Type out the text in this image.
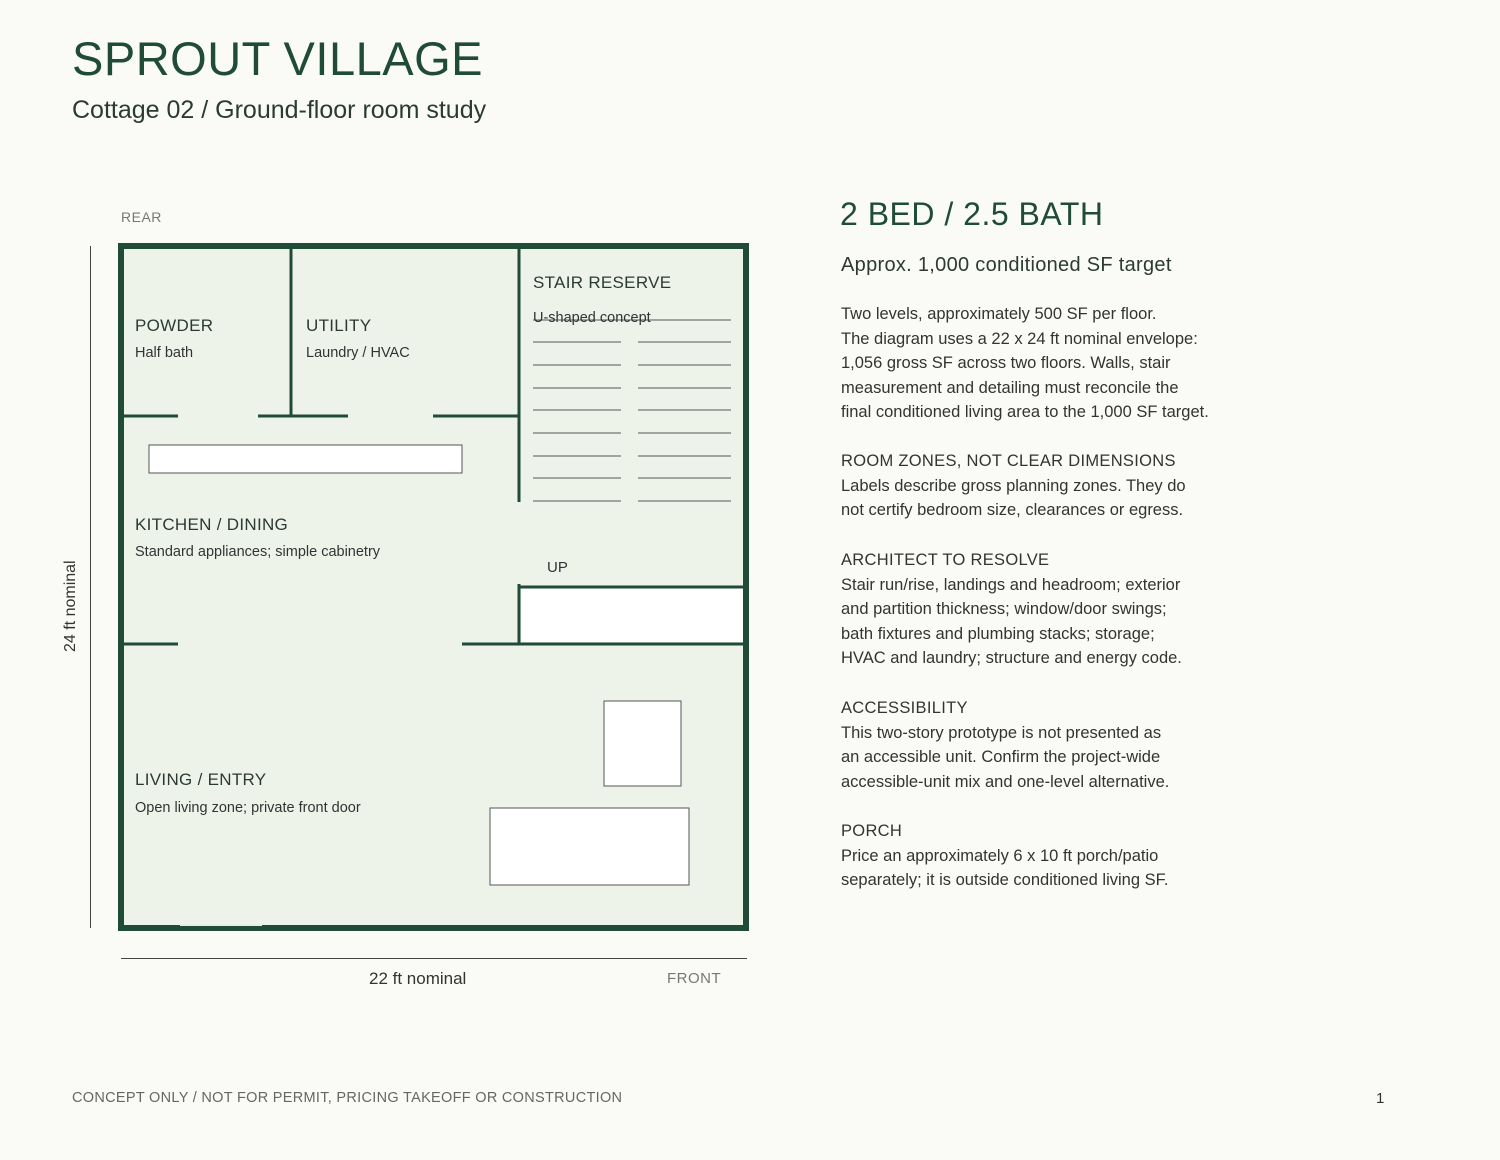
SPROUT VILLAGE
Cottage 02 / Ground-floor room study
REAR
24 ft nominal
22 ft nominal	FRONT
POWDER
Half bath
UTILITY
Laundry / HVAC
STAIR RESERVE
U-shaped concept
KITCHEN / DINING
Standard appliances; simple cabinetry
LIVING / ENTRY
Open living zone; private front door
UP
2 BED / 2.5 BATH
Approx. 1,000 conditioned SF target
Two levels, approximately 500 SF per floor.
The diagram uses a 22 x 24 ft nominal envelope:
1,056 gross SF across two floors. Walls, stair
measurement and detailing must reconcile the
final conditioned living area to the 1,000 SF target.
ROOM ZONES, NOT CLEAR DIMENSIONS
Labels describe gross planning zones. They do
not certify bedroom size, clearances or egress.
ARCHITECT TO RESOLVE
Stair run/rise, landings and headroom; exterior
and partition thickness; window/door swings;
bath fixtures and plumbing stacks; storage;
HVAC and laundry; structure and energy code.
ACCESSIBILITY
This two-story prototype is not presented as
an accessible unit. Confirm the project-wide
accessible-unit mix and one-level alternative.
PORCH
Price an approximately 6 x 10 ft porch/patio
separately; it is outside conditioned living SF.
CONCEPT ONLY / NOT FOR PERMIT, PRICING TAKEOFF OR CONSTRUCTION	1
